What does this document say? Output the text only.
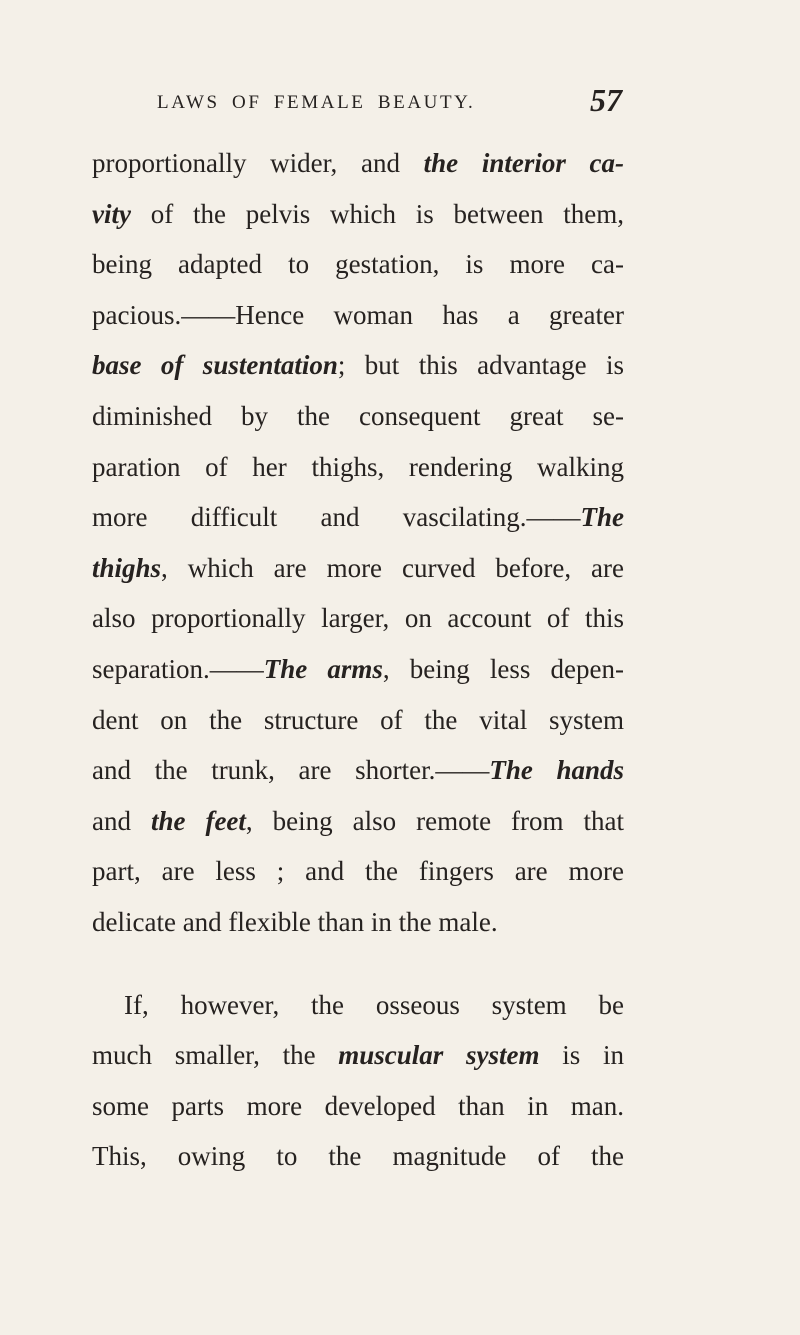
LAWS OF FEMALE BEAUTY.	57
proportionally wider, and the interior ca-
vity of the pelvis which is between them,
being adapted to gestation, is more ca-
pacious.——Hence woman has a greater
base of sustentation; but this advantage is
diminished by the consequent great se-
paration of her thighs, rendering walking
more difficult and vascilating.——The
thighs, which are more curved before, are
also proportionally larger, on account of this
separation.——The arms, being less depen-
dent on the structure of the vital system
and the trunk, are shorter.——The hands
and the feet, being also remote from that
part, are less ; and the fingers are more
delicate and flexible than in the male.
If, however, the osseous system be
much smaller, the muscular system is in
some parts more developed than in man.
This, owing to the magnitude of the
